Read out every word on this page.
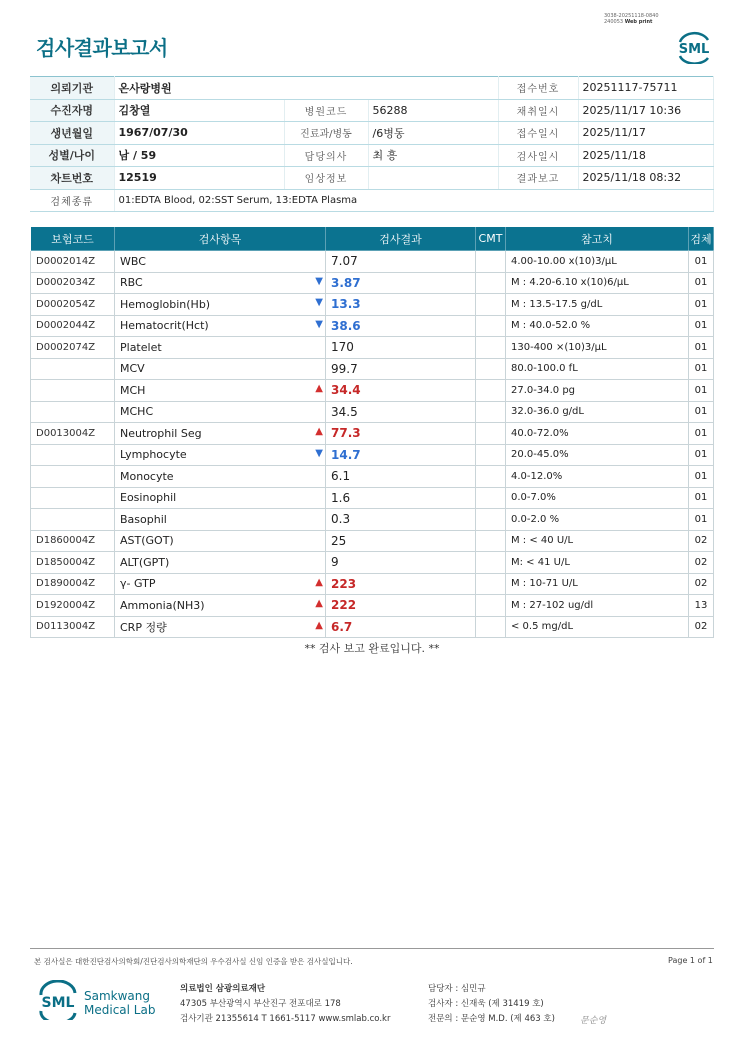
검사결과보고서
3038-20251118-0840
240053 Web print
SML
의뢰기관	온사랑병원			접수번호	20251117-75711
수진자명	김창열	병원코드	56288	채취일시	2025/11/17 10:36
생년월일	1967/07/30	진료과/병동	/6병동	접수일시	2025/11/17
성별/나이	남 / 59	담당의사	최 흥	검사일시	2025/11/18
차트번호	12519	임상정보		결과보고	2025/11/18 08:32
검체종류	01:EDTA Blood, 02:SST Serum, 13:EDTA Plasma				
보험코드	검사항목	검사결과	CMT	참고치	검체
D0002014Z	WBC	7.07		4.00-10.00 x(10)3/μL	01
D0002034Z	RBC ▼	3.87		M : 4.20-6.10 x(10)6/μL	01
D0002054Z	Hemoglobin(Hb) ▼	13.3		M : 13.5-17.5 g/dL	01
D0002044Z	Hematocrit(Hct) ▼	38.6		M : 40.0-52.0 %	01
D0002074Z	Platelet	170		130-400 ×(10)3/μL	01
	MCV	99.7		80.0-100.0 fL	01
	MCH ▲	34.4		27.0-34.0 pg	01
	MCHC	34.5		32.0-36.0 g/dL	01
D0013004Z	Neutrophil Seg ▲	77.3		40.0-72.0%	01
	Lymphocyte ▼	14.7		20.0-45.0%	01
	Monocyte	6.1		4.0-12.0%	01
	Eosinophil	1.6		0.0-7.0%	01
	Basophil	0.3		0.0-2.0 %	01
D1860004Z	AST(GOT)	25		M : < 40 U/L	02
D1850004Z	ALT(GPT)	9		M: < 41 U/L	02
D1890004Z	γ- GTP ▲	223		M : 10-71 U/L	02
D1920004Z	Ammonia(NH3) ▲	222		M : 27-102 ug/dl	13
D0113004Z	CRP 정량 ▲	6.7		< 0.5 mg/dL	02
** 검사 보고 완료입니다. **
본 검사실은 대한진단검사의학회/진단검사의학재단의 우수검사실 신임 인증을 받은 검사실입니다.	Page 1 of 1
SML Samkwang
Medical Lab
의료법인 삼광의료재단
47305 부산광역시 부산진구 전포대로 178
검사기관 21355614 T 1661-5117 www.smlab.co.kr
담당자 : 심민규
검사자 : 신재욱 (제 31419 호)
전문의 : 문순영 M.D. (제 463 호)	문순영
